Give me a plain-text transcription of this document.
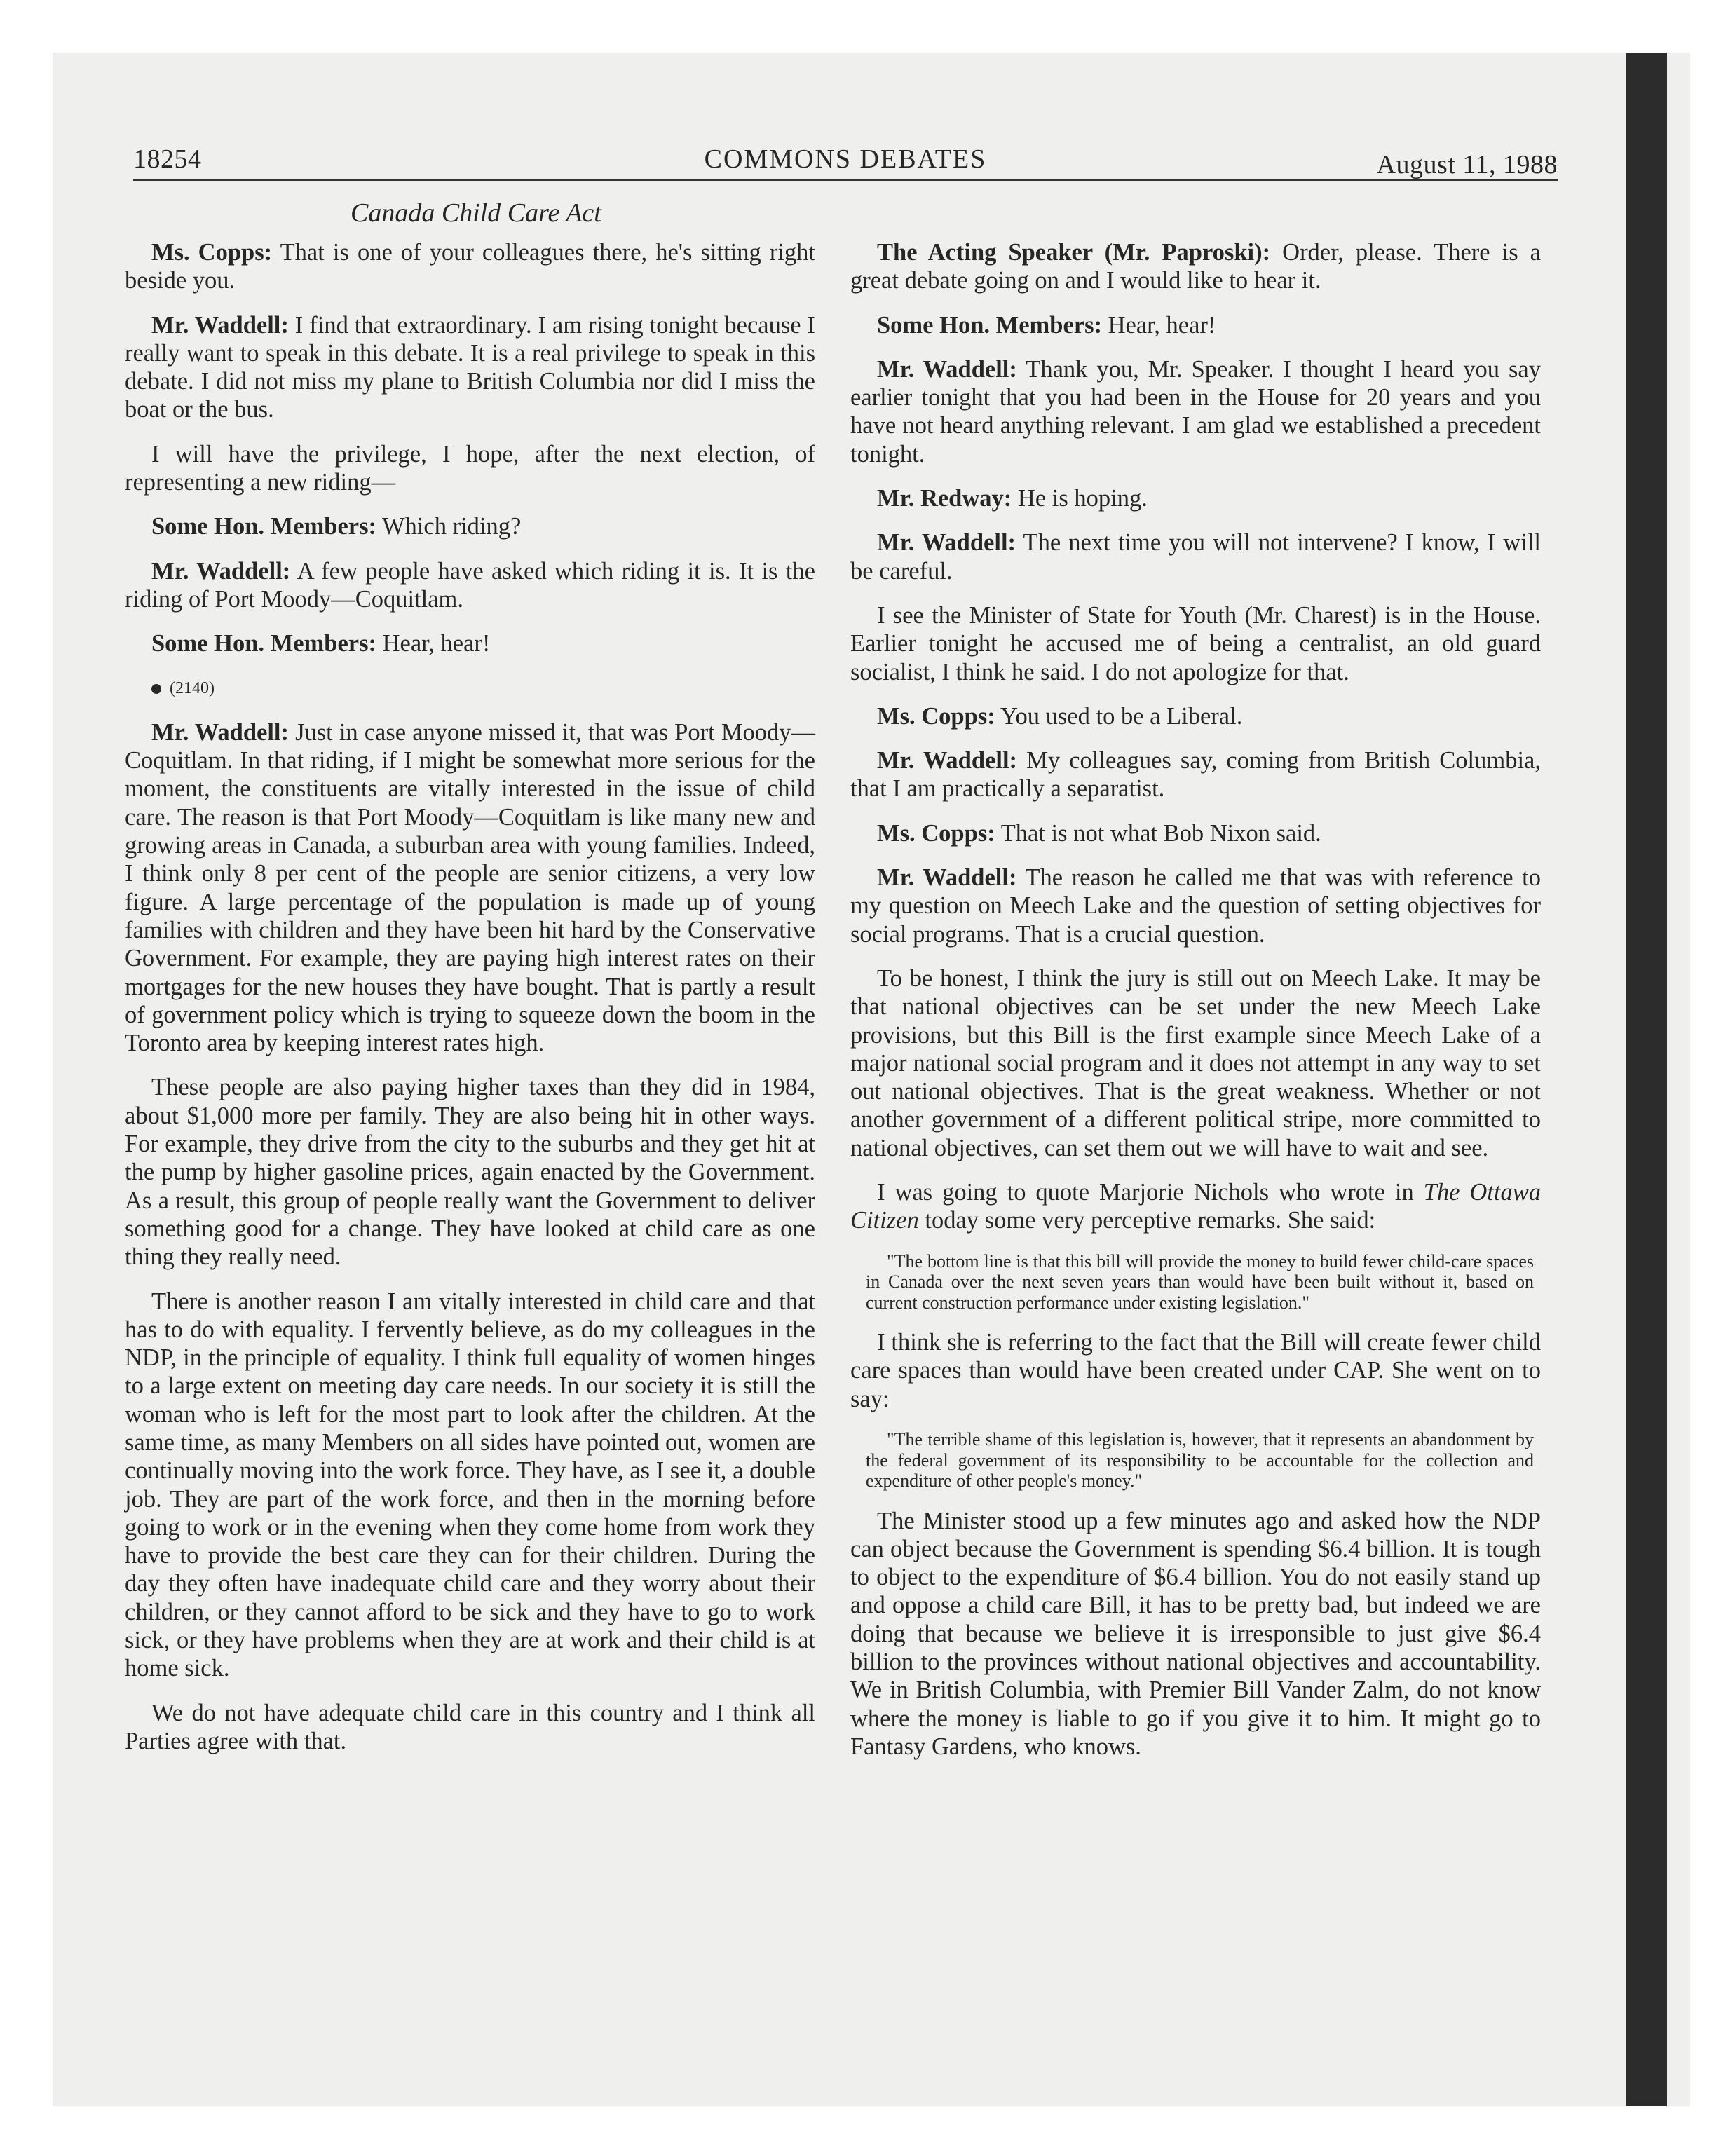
COMMONS DEBATES
18254	August 11, 1988
Canada Child Care Act

Ms. Copps: That is one of your colleagues there, he's sitting right beside you.

Mr. Waddell: I find that extraordinary. I am rising tonight because I really want to speak in this debate. It is a real privilege to speak in this debate. I did not miss my plane to British Columbia nor did I miss the boat or the bus.

I will have the privilege, I hope, after the next election, of representing a new riding—

Some Hon. Members: Which riding?

Mr. Waddell: A few people have asked which riding it is. It is the riding of Port Moody—Coquitlam.

Some Hon. Members: Hear, hear!

(2140)

Mr. Waddell: Just in case anyone missed it, that was Port Moody—Coquitlam. In that riding, if I might be somewhat more serious for the moment, the constituents are vitally interested in the issue of child care. The reason is that Port Moody—Coquitlam is like many new and growing areas in Canada, a suburban area with young families. Indeed, I think only 8 per cent of the people are senior citizens, a very low figure. A large percentage of the population is made up of young families with children and they have been hit hard by the Conservative Government. For example, they are paying high interest rates on their mortgages for the new houses they have bought. That is partly a result of government policy which is trying to squeeze down the boom in the Toronto area by keeping interest rates high.

These people are also paying higher taxes than they did in 1984, about $1,000 more per family. They are also being hit in other ways. For example, they drive from the city to the suburbs and they get hit at the pump by higher gasoline prices, again enacted by the Government. As a result, this group of people really want the Government to deliver something good for a change. They have looked at child care as one thing they really need.

There is another reason I am vitally interested in child care and that has to do with equality. I fervently believe, as do my colleagues in the NDP, in the principle of equality. I think full equality of women hinges to a large extent on meeting day care needs. In our society it is still the woman who is left for the most part to look after the children. At the same time, as many Members on all sides have pointed out, women are continually moving into the work force. They have, as I see it, a double job. They are part of the work force, and then in the morning before going to work or in the evening when they come home from work they have to provide the best care they can for their children. During the day they often have inadequate child care and they worry about their children, or they cannot afford to be sick and they have to go to work sick, or they have problems when they are at work and their child is at home sick.

We do not have adequate child care in this country and I think all Parties agree with that.

The Acting Speaker (Mr. Paproski): Order, please. There is a great debate going on and I would like to hear it.

Some Hon. Members: Hear, hear!

Mr. Waddell: Thank you, Mr. Speaker. I thought I heard you say earlier tonight that you had been in the House for 20 years and you have not heard anything relevant. I am glad we established a precedent tonight.

Mr. Redway: He is hoping.

Mr. Waddell: The next time you will not intervene? I know, I will be careful.

I see the Minister of State for Youth (Mr. Charest) is in the House. Earlier tonight he accused me of being a centralist, an old guard socialist, I think he said. I do not apologize for that.

Ms. Copps: You used to be a Liberal.

Mr. Waddell: My colleagues say, coming from British Columbia, that I am practically a separatist.

Ms. Copps: That is not what Bob Nixon said.

Mr. Waddell: The reason he called me that was with reference to my question on Meech Lake and the question of setting objectives for social programs. That is a crucial question.

To be honest, I think the jury is still out on Meech Lake. It may be that national objectives can be set under the new Meech Lake provisions, but this Bill is the first example since Meech Lake of a major national social program and it does not attempt in any way to set out national objectives. That is the great weakness. Whether or not another government of a different political stripe, more committed to national objectives, can set them out we will have to wait and see.

I was going to quote Marjorie Nichols who wrote in The Ottawa Citizen today some very perceptive remarks. She said:

"The bottom line is that this bill will provide the money to build fewer child-care spaces in Canada over the next seven years than would have been built without it, based on current construction performance under existing legislation."

I think she is referring to the fact that the Bill will create fewer child care spaces than would have been created under CAP. She went on to say:

"The terrible shame of this legislation is, however, that it represents an abandonment by the federal government of its responsibility to be accountable for the collection and expenditure of other people's money."

The Minister stood up a few minutes ago and asked how the NDP can object because the Government is spending $6.4 billion. It is tough to object to the expenditure of $6.4 billion. You do not easily stand up and oppose a child care Bill, it has to be pretty bad, but indeed we are doing that because we believe it is irresponsible to just give $6.4 billion to the provinces without national objectives and accountability. We in British Columbia, with Premier Bill Vander Zalm, do not know where the money is liable to go if you give it to him. It might go to Fantasy Gardens, who knows.
